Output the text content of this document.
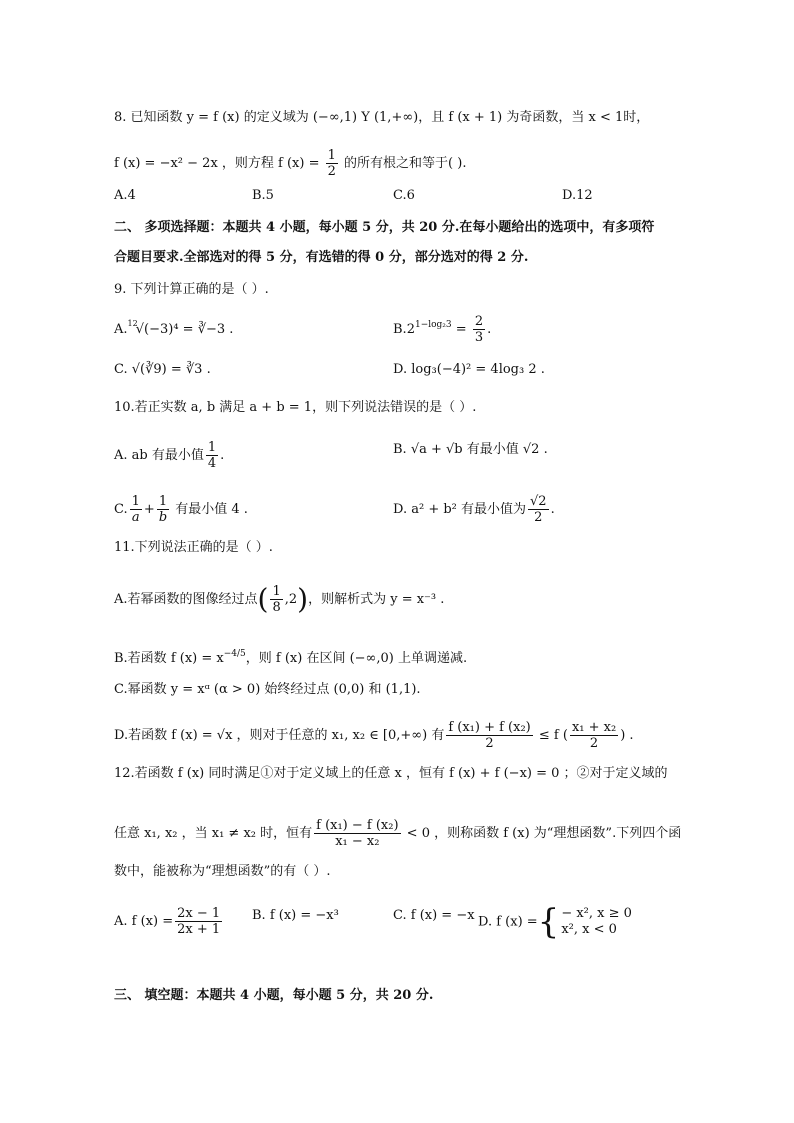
8. 已知函数 y = f (x) 的定义域为 (−∞,1) Y (1,+∞)，且 f (x + 1) 为奇函数，当 x < 1时，
f (x) = −x² − 2x ，则方程 f $(x) = \frac{1}{2}$ 的所有根之和等于( ).
A.4	B.5	C.6	D.12
二、 多项选择题：本题共 4 小题，每小题 5 分，共 20 分.在每小题给出的选项中，有多项符
合题目要求.全部选对的得 5 分，有选错的得 0 分，部分选对的得 2 分.
9. 下列计算正确的是（ ）.
A.$^{12}$√(−3)⁴ = ∛−3 .	$B.2^{1-log_23} = \frac{2}{3}$ .
C. √(∛9) = ∛3 .	D. log₃(−4)² = 4log₃ 2 .
10.若正实数 a, b 满足 a + b = 1，则下列说法错误的是（ ）.
A. ab 有最小值 $\frac{1}{4}$ .	B. √a + √b 有最小值 √2 .
C. $\frac{1}{a} + \frac{1}{b}$ 有最小值 4 .	D. a² + b² 有最小值为 $\frac{√2}{2}$ .
11.下列说法正确的是（ ）.
A.若幂函数的图像经过点( $\frac{1}{8} ,2$)，则解析式为 y = x⁻³ .
B.若函数 f $(x) = x^{-4/5}$，则 f (x) 在区间 (−∞,0) 上单调递减.
C.幂函数 y = xᵅ (α > 0) 始终经过点 (0,0) 和 (1,1).
D.若函数 f (x) = √x ，则对于任意的 x₁, x₂ ∈ [0,+∞) 有 $\frac{\text{f (x₁) + f (x₂)}}{2} \le f$ ( $\frac{\text{x₁ + x₂}}{2}$ ) .
12.若函数 f (x) 同时满足①对于定义域上的任意 x ，恒有 f (x) + f (−x) = 0 ；②对于定义域的
任意 x₁, x₂ ，当 x₁ ≠ x₂ 时，恒有 $\frac{\text{f (x₁) − f (x₂)}}{\text{x₁ − x₂}} < 0$ ，则称函数 f (x) 为“理想函数”.下列四个函
数中，能被称为“理想函数”的有（ ）.
A. f $(x) = \frac{2x - 1}{2x + 1} B$. f (x) = −x³	C. f (x) = −x D. f (x) ={ − x², x ≥ 0
x², x < 0
三、 填空题：本题共 4 小题，每小题 5 分，共 20 分.
